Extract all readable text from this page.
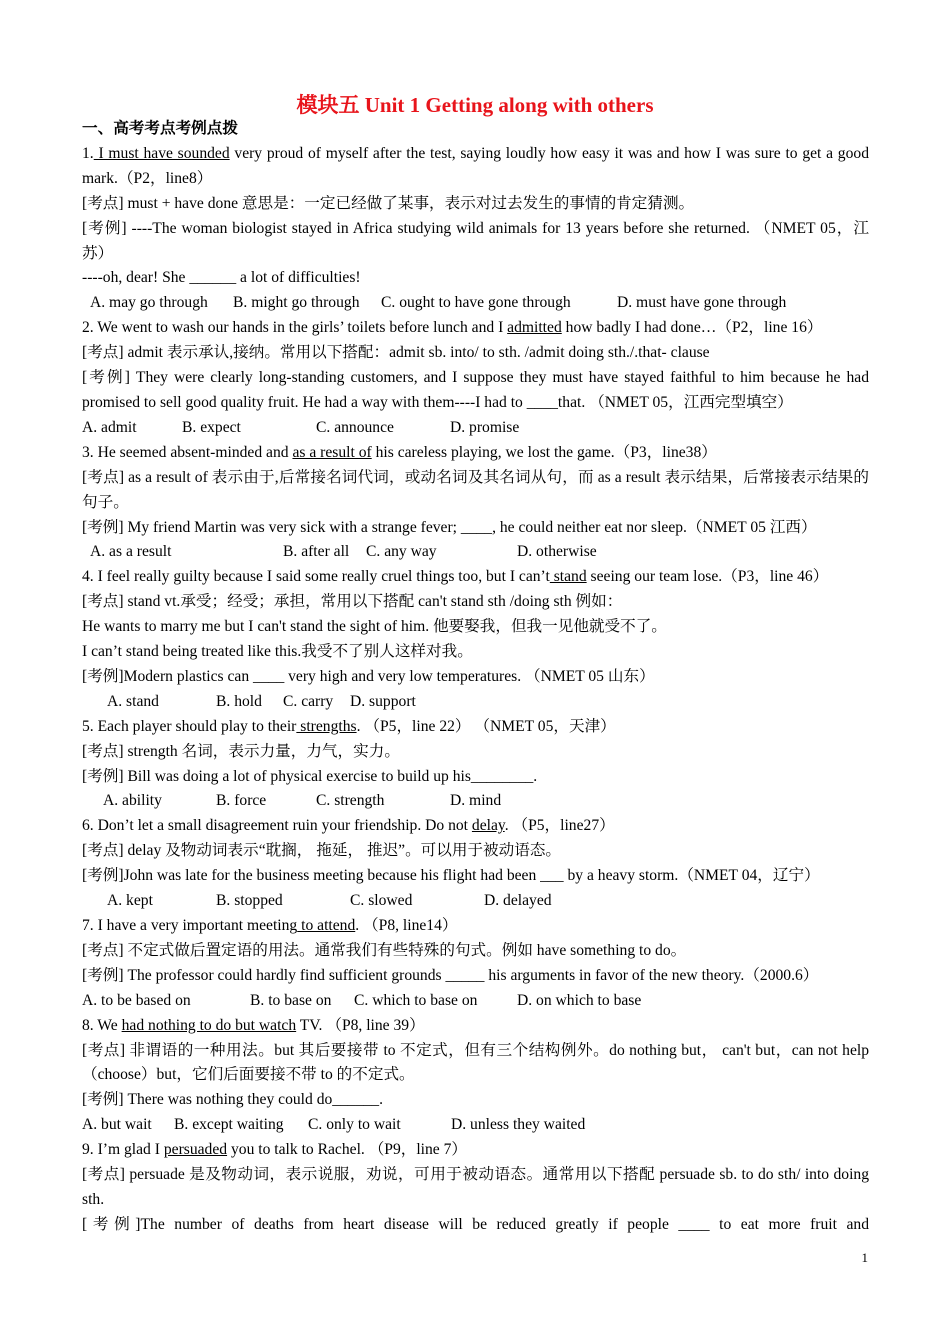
模块五 Unit 1 Getting along with others

一、高考考点考例点拨

1. I must have sounded very proud of myself after the test, saying loudly how easy it was and how I was sure to get a good mark.（P2，line8）

[考点] must + have done 意思是：一定已经做了某事，表示对过去发生的事情的肯定猜测。

[考例] ----The woman biologist stayed in Africa studying wild animals for 13 years before she returned. （NMET 05，江苏）

----oh, dear! She ______ a lot of difficulties!

A. may go through B. might go through C. ought to have gone through	D. must have gone through

2. We went to wash our hands in the girls’ toilets before lunch and I admitted how badly I had done…（P2，line 16）

[考点] admit 表示承认,接纳。常用以下搭配：admit sb. into/ to sth. /admit doing sth./.that- clause

[考例] They were clearly long-standing customers, and I suppose they must have stayed faithful to him because he had promised to sell good quality fruit. He had a way with them----I had to ____that. （NMET 05，江西完型填空）

A. admit	B. expect	C. announce	D. promise

3. He seemed absent-minded and as a result of his careless playing, we lost the game.（P3，line38）

[考点] as a result of 表示由于,后常接名词代词，或动名词及其名词从句，而 as a result 表示结果，后常接表示结果的句子。

[考例] My friend Martin was very sick with a strange fever; ____, he could neither eat nor sleep.（NMET 05 江西）

A. as a result	B. after all C. any way	D. otherwise

4. I feel really guilty because I said some really cruel things too, but I can’t stand seeing our team lose.（P3，line 46）

[考点] stand vt.承受；经受；承担，常用以下搭配 can't stand sth /doing sth 例如：

He wants to marry me but I can't stand the sight of him. 他要娶我，但我一见他就受不了。

I can’t stand being treated like this.我受不了别人这样对我。

[考例]Modern plastics can ____ very high and very low temperatures. （NMET 05 山东）

A. stand	B. hold C. carry D. support

5. Each player should play to their strengths. （P5，line 22） （NMET 05，天津）

[考点] strength 名词，表示力量，力气，实力。

[考例] Bill was doing a lot of physical exercise to build up his________.

A. ability	B. force	C. strength	D. mind

6. Don’t let a small disagreement ruin your friendship. Do not delay. （P5，line27）

[考点] delay 及物动词表示“耽搁， 拖延， 推迟”。可以用于被动语态。

[考例]John was late for the business meeting because his flight had been ___ by a heavy storm.（NMET 04，辽宁）

A. kept	B. stopped	C. slowed	D. delayed

7. I have a very important meeting to attend. （P8, line14）

[考点] 不定式做后置定语的用法。通常我们有些特殊的句式。例如 have something to do。

[考例] The professor could hardly find sufficient grounds _____ his arguments in favor of the new theory.（2000.6）

A. to be based on	B. to base on C. which to base on	D. on which to base

8. We had nothing to do but watch TV. （P8, line 39）

[考点] 非谓语的一种用法。but 其后要接带 to 不定式，但有三个结构例外。do nothing but， can't but，can not help（choose）but，它们后面要接不带 to 的不定式。

[考例] There was nothing they could do______.

A. but wait B. except waiting C. only to wait	D. unless they waited

9. I’m glad I persuaded you to talk to Rachel. （P9，line 7）

[考点] persuade 是及物动词，表示说服，劝说，可用于被动语态。通常用以下搭配 persuade sb. to do sth/ into doing sth.

[考例]The number of deaths from heart disease will be reduced greatly if people ____ to eat more fruit and

1
